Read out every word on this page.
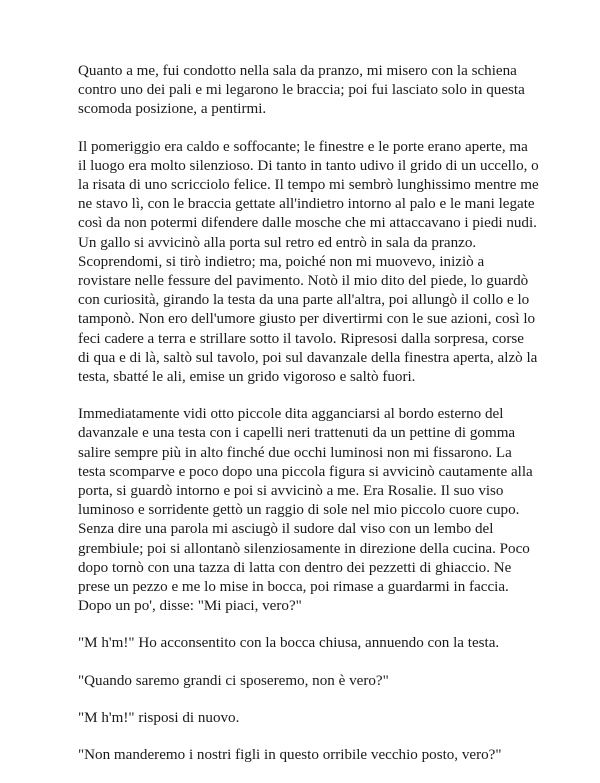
Quanto a me, fui condotto nella sala da pranzo, mi misero con la schiena
contro uno dei pali e mi legarono le braccia; poi fui lasciato solo in questa
scomoda posizione, a pentirmi.

Il pomeriggio era caldo e soffocante; le finestre e le porte erano aperte, ma
il luogo era molto silenzioso. Di tanto in tanto udivo il grido di un uccello, o
la risata di uno scricciolo felice. Il tempo mi sembrò lunghissimo mentre me
ne stavo lì, con le braccia gettate all'indietro intorno al palo e le mani legate
così da non potermi difendere dalle mosche che mi attaccavano i piedi nudi.
Un gallo si avvicinò alla porta sul retro ed entrò in sala da pranzo.
Scoprendomi, si tirò indietro; ma, poiché non mi muovevo, iniziò a
rovistare nelle fessure del pavimento. Notò il mio dito del piede, lo guardò
con curiosità, girando la testa da una parte all'altra, poi allungò il collo e lo
tamponò. Non ero dell'umore giusto per divertirmi con le sue azioni, così lo
feci cadere a terra e strillare sotto il tavolo. Ripresosi dalla sorpresa, corse
di qua e di là, saltò sul tavolo, poi sul davanzale della finestra aperta, alzò la
testa, sbatté le ali, emise un grido vigoroso e saltò fuori.

Immediatamente vidi otto piccole dita agganciarsi al bordo esterno del
davanzale e una testa con i capelli neri trattenuti da un pettine di gomma
salire sempre più in alto finché due occhi luminosi non mi fissarono. La
testa scomparve e poco dopo una piccola figura si avvicinò cautamente alla
porta, si guardò intorno e poi si avvicinò a me. Era Rosalie. Il suo viso
luminoso e sorridente gettò un raggio di sole nel mio piccolo cuore cupo.
Senza dire una parola mi asciugò il sudore dal viso con un lembo del
grembiule; poi si allontanò silenziosamente in direzione della cucina. Poco
dopo tornò con una tazza di latta con dentro dei pezzetti di ghiaccio. Ne
prese un pezzo e me lo mise in bocca, poi rimase a guardarmi in faccia.
Dopo un po', disse: "Mi piaci, vero?"

"M h'm!" Ho acconsentito con la bocca chiusa, annuendo con la testa.

"Quando saremo grandi ci sposeremo, non è vero?"

"M h'm!" risposi di nuovo.

"Non manderemo i nostri figli in questo orribile vecchio posto, vero?"
